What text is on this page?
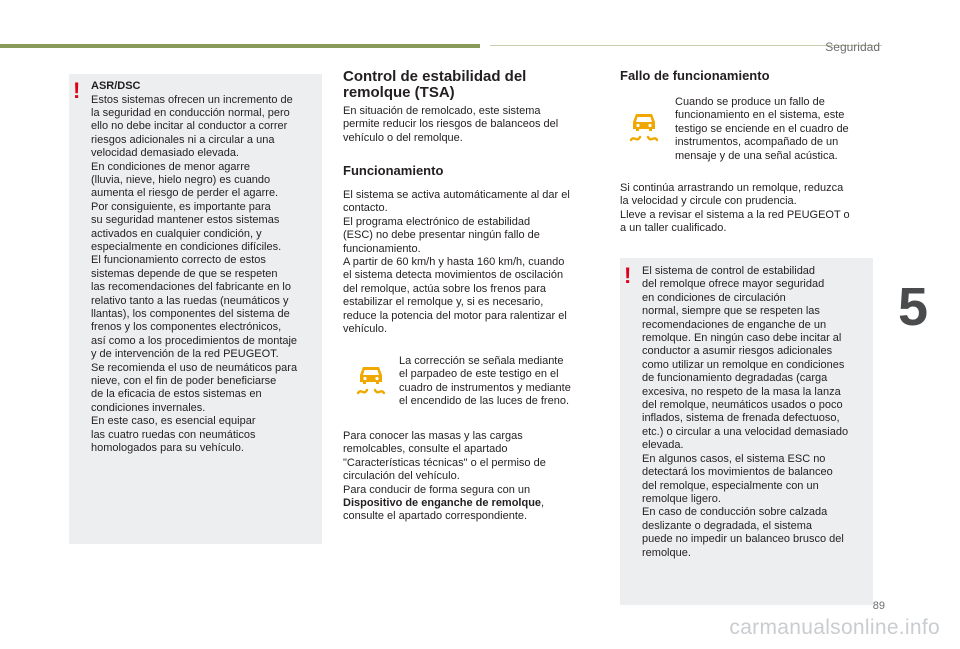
Seguridad
5
! ASR/DSC
Estos sistemas ofrecen un incremento de
la seguridad en conducción normal, pero
ello no debe incitar al conductor a correr
riesgos adicionales ni a circular a una
velocidad demasiado elevada.
En condiciones de menor agarre
(lluvia, nieve, hielo negro) es cuando
aumenta el riesgo de perder el agarre.
Por consiguiente, es importante para
su seguridad mantener estos sistemas
activados en cualquier condición, y
especialmente en condiciones difíciles.
El funcionamiento correcto de estos
sistemas depende de que se respeten
las recomendaciones del fabricante en lo
relativo tanto a las ruedas (neumáticos y
llantas), los componentes del sistema de
frenos y los componentes electrónicos,
así como a los procedimientos de montaje
y de intervención de la red PEUGEOT.
Se recomienda el uso de neumáticos para
nieve, con el fin de poder beneficiarse
de la eficacia de estos sistemas en
condiciones invernales.
En este caso, es esencial equipar
las cuatro ruedas con neumáticos
homologados para su vehículo.
Control de estabilidad del
remolque (TSA)
En situación de remolcado, este sistema
permite reducir los riesgos de balanceos del
vehículo o del remolque.
Funcionamiento
El sistema se activa automáticamente al dar el
contacto.
El programa electrónico de estabilidad
(ESC) no debe presentar ningún fallo de
funcionamiento.
A partir de 60 km/h y hasta 160 km/h, cuando
el sistema detecta movimientos de oscilación
del remolque, actúa sobre los frenos para
estabilizar el remolque y, si es necesario,
reduce la potencia del motor para ralentizar el
vehículo.
La corrección se señala mediante
el parpadeo de este testigo en el
cuadro de instrumentos y mediante
el encendido de las luces de freno.
Para conocer las masas y las cargas
remolcables, consulte el apartado
"Características técnicas" o el permiso de
circulación del vehículo.
Para conducir de forma segura con un
Dispositivo de enganche de remolque,
consulte el apartado correspondiente.
Fallo de funcionamiento
Cuando se produce un fallo de
funcionamiento en el sistema, este
testigo se enciende en el cuadro de
instrumentos, acompañado de un
mensaje y de una señal acústica.
Si continúa arrastrando un remolque, reduzca
la velocidad y circule con prudencia.
Lleve a revisar el sistema a la red PEUGEOT o
a un taller cualificado.
! El sistema de control de estabilidad
del remolque ofrece mayor seguridad
en condiciones de circulación
normal, siempre que se respeten las
recomendaciones de enganche de un
remolque. En ningún caso debe incitar al
conductor a asumir riesgos adicionales
como utilizar un remolque en condiciones
de funcionamiento degradadas (carga
excesiva, no respeto de la masa la lanza
del remolque, neumáticos usados o poco
inflados, sistema de frenada defectuoso,
etc.) o circular a una velocidad demasiado
elevada.
En algunos casos, el sistema ESC no
detectará los movimientos de balanceo
del remolque, especialmente con un
remolque ligero.
En caso de conducción sobre calzada
deslizante o degradada, el sistema
puede no impedir un balanceo brusco del
remolque.
89
carmanualsonline.info
